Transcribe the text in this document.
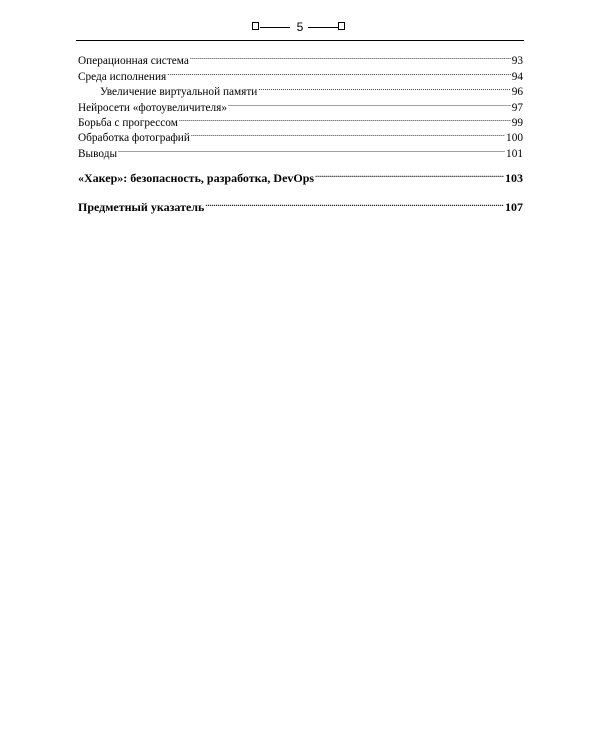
5
Операционная система .....	93
Среда исполнения .....	94
Увеличение виртуальной памяти .....	96
Нейросети «фотоувеличителя» .....	97
Борьба с прогрессом .....	99
Обработка фотографий .....	100
Выводы .....	101
«Хакер»: безопасность, разработка, DevOps .....	103
Предметный указатель .....	107
